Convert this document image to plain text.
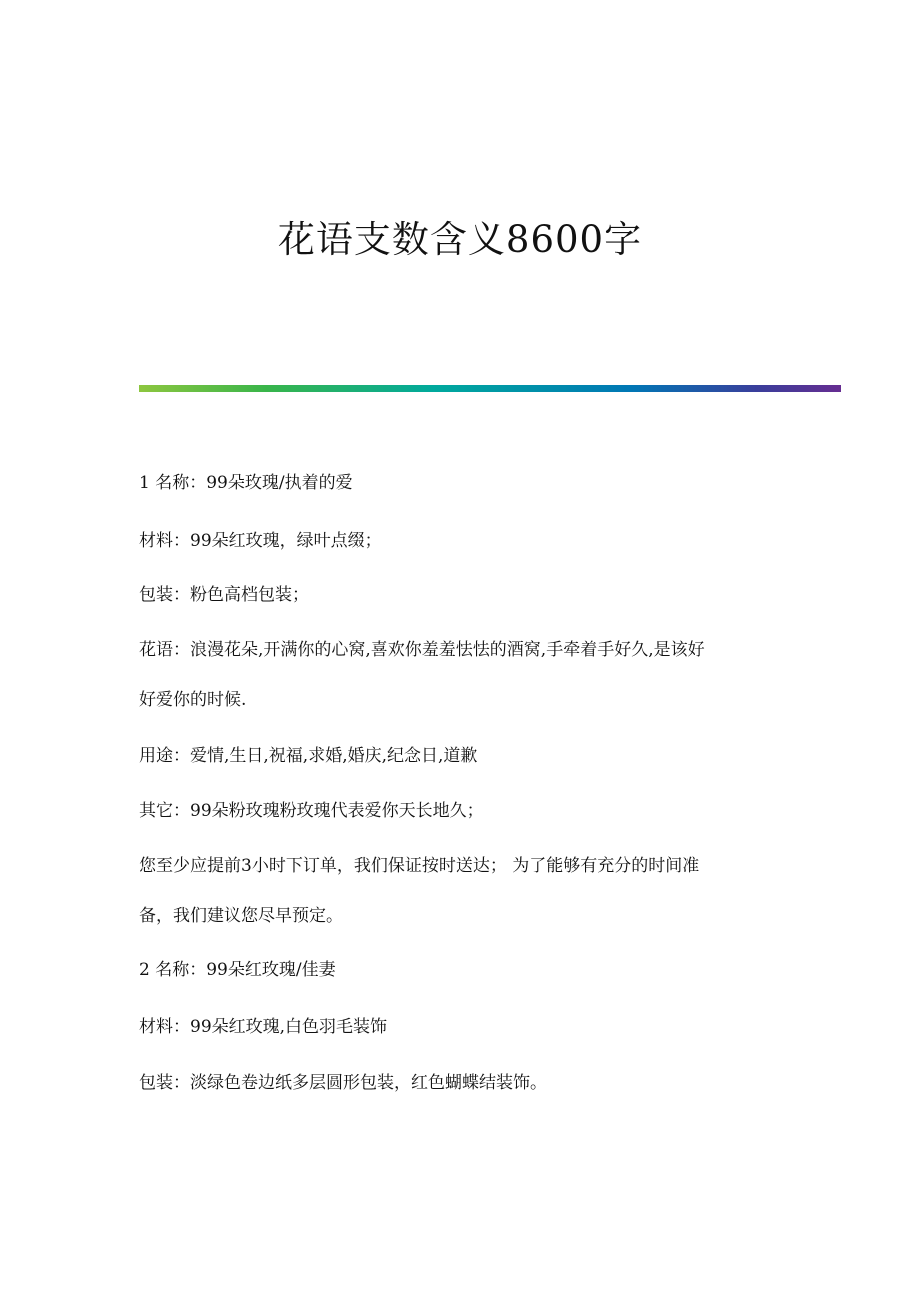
花语支数含义8600字

1 名称：99朵玫瑰/执着的爱

材料：99朵红玫瑰，绿叶点缀；

包装：粉色高档包装；

花语：浪漫花朵,开满你的心窝,喜欢你羞羞怯怯的酒窝,手牵着手好久,是该好

好爱你的时候.

用途：爱情,生日,祝福,求婚,婚庆,纪念日,道歉

其它：99朵粉玫瑰粉玫瑰代表爱你天长地久；

您至少应提前3小时下订单，我们保证按时送达； 为了能够有充分的时间准

备，我们建议您尽早预定。

2 名称：99朵红玫瑰/佳妻

材料：99朵红玫瑰,白色羽毛装饰

包装：淡绿色卷边纸多层圆形包装，红色蝴蝶结装饰。
